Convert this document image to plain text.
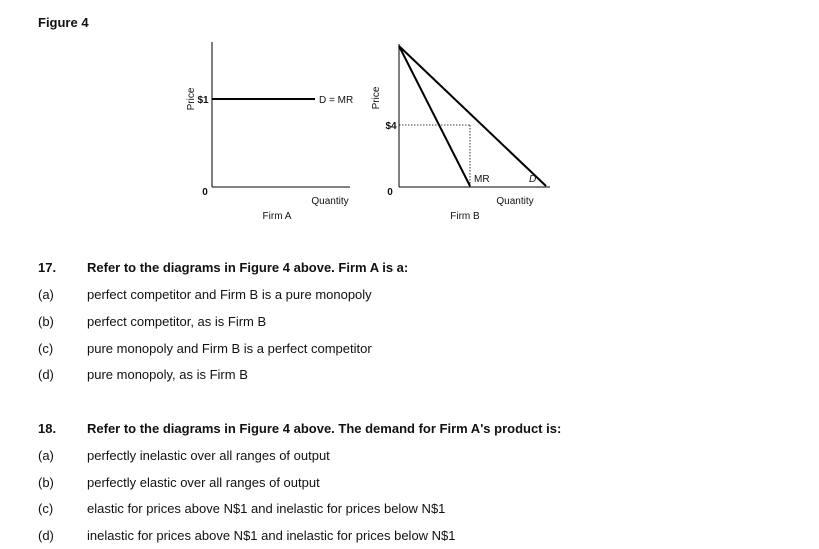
Figure 4
Price $1	D = MR
0
Quantity
Firm A
Price
$4
0
MR	D
Quantity
Firm B
17.	Refer to the diagrams in Figure 4 above. Firm A is a:
(a)	perfect competitor and Firm B is a pure monopoly
(b)	perfect competitor, as is Firm B
(c)	pure monopoly and Firm B is a perfect competitor
(d)	pure monopoly, as is Firm B
18.	Refer to the diagrams in Figure 4 above. The demand for Firm A's product is:
(a)	perfectly inelastic over all ranges of output
(b)	perfectly elastic over all ranges of output
(c)	elastic for prices above N$1 and inelastic for prices below N$1
(d)	inelastic for prices above N$1 and inelastic for prices below N$1
